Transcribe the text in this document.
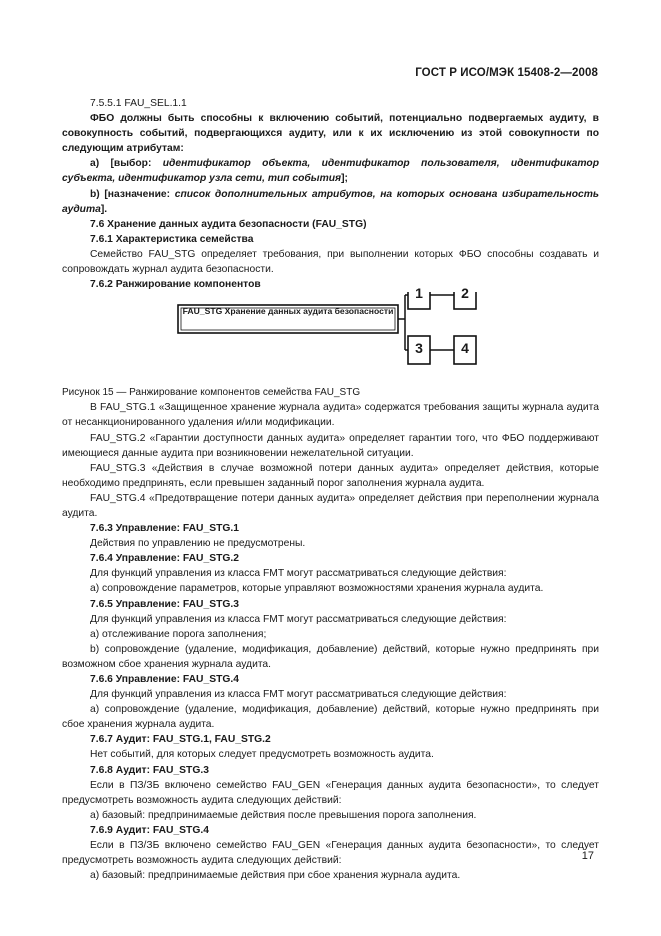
ГОСТ Р ИСО/МЭК 15408-2—2008

7.5.5.1 FAU_SEL.1.1

ФБО должны быть способны к включению событий, потенциально подвергаемых аудиту, в совокупность событий, подвергающихся аудиту, или к их исключению из этой совокупности по следующим атрибутам:

а) [выбор: идентификатор объекта, идентификатор пользователя, идентификатор субъекта, идентификатор узла сети, тип события];

b) [назначение: список дополнительных атрибутов, на которых основана избирательность аудита].

7.6 Хранение данных аудита безопасности (FAU_STG)

7.6.1 Характеристика семейства

Семейство FAU_STG определяет требования, при выполнении которых ФБО способны создавать и сопровождать журнал аудита безопасности.

7.6.2 Ранжирование компонентов

FAU_STG Хранение данных аудита безопасности
1	2
3	4

Рисунок 15 — Ранжирование компонентов семейства FAU_STG

В FAU_STG.1 «Защищенное хранение журнала аудита» содержатся требования защиты журнала аудита от несанкционированного удаления и/или модификации.

FAU_STG.2 «Гарантии доступности данных аудита» определяет гарантии того, что ФБО поддерживают имеющиеся данные аудита при возникновении нежелательной ситуации.

FAU_STG.3 «Действия в случае возможной потери данных аудита» определяет действия, которые необходимо предпринять, если превышен заданный порог заполнения журнала аудита.

FAU_STG.4 «Предотвращение потери данных аудита» определяет действия при переполнении журнала аудита.

7.6.3 Управление: FAU_STG.1

Действия по управлению не предусмотрены.

7.6.4 Управление: FAU_STG.2

Для функций управления из класса FMT могут рассматриваться следующие действия:

а) сопровождение параметров, которые управляют возможностями хранения журнала аудита.

7.6.5 Управление: FAU_STG.3

Для функций управления из класса FMT могут рассматриваться следующие действия:

а) отслеживание порога заполнения;

b) сопровождение (удаление, модификация, добавление) действий, которые нужно предпринять при возможном сбое хранения журнала аудита.

7.6.6 Управление: FAU_STG.4

Для функций управления из класса FMT могут рассматриваться следующие действия:

а) сопровождение (удаление, модификация, добавление) действий, которые нужно предпринять при сбое хранения журнала аудита.

7.6.7 Аудит: FAU_STG.1, FAU_STG.2

Нет событий, для которых следует предусмотреть возможность аудита.

7.6.8 Аудит: FAU_STG.3

Если в ПЗ/ЗБ включено семейство FAU_GEN «Генерация данных аудита безопасности», то следует предусмотреть возможность аудита следующих действий:

а) базовый: предпринимаемые действия после превышения порога заполнения.

7.6.9 Аудит: FAU_STG.4

Если в ПЗ/ЗБ включено семейство FAU_GEN «Генерация данных аудита безопасности», то следует предусмотреть возможность аудита следующих действий:

а) базовый: предпринимаемые действия при сбое хранения журнала аудита.

17
